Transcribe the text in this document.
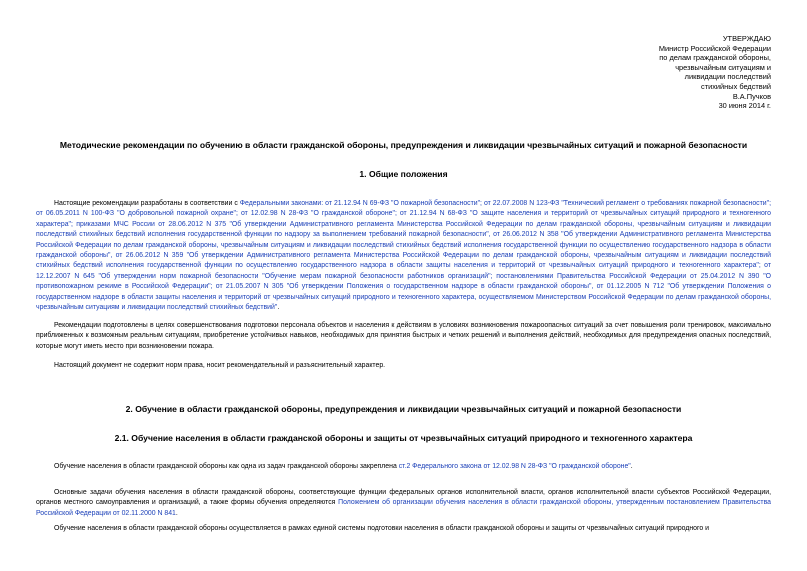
УТВЕРЖДАЮ
Министр Российской Федерации
по делам гражданской обороны,
чрезвычайным ситуациям и
ликвидации последствий
стихийных бедствий
В.А.Пучков
30 июня 2014 г.
Методические рекомендации по обучению в области гражданской обороны, предупреждения и ликвидации чрезвычайных ситуаций и пожарной безопасности
1. Общие положения
Настоящие рекомендации разработаны в соответствии с Федеральными законами: от 21.12.94 N 69-ФЗ "О пожарной безопасности"; от 22.07.2008 N 123-ФЗ "Технический регламент о требованиях пожарной безопасности"; от 06.05.2011 N 100-ФЗ "О добровольной пожарной охране"; от 12.02.98 N 28-ФЗ "О гражданской обороне"; от 21.12.94 N 68-ФЗ "О защите населения и территорий от чрезвычайных ситуаций природного и техногенного характера"; приказами МЧС России от 28.06.2012 N 375 "Об утверждении Административного регламента Министерства Российской Федерации по делам гражданской обороны, чрезвычайным ситуациям и ликвидации последствий стихийных бедствий исполнения государственной функции по надзору за выполнением требований пожарной безопасности", от 26.06.2012 N 358 "Об утверждении Административного регламента Министерства Российской Федерации по делам гражданской обороны, чрезвычайным ситуациям и ликвидации последствий стихийных бедствий исполнения государственной функции по осуществлению государственного надзора в области гражданской обороны", от 26.06.2012 N 359 "Об утверждении Административного регламента Министерства Российской Федерации по делам гражданской обороны, чрезвычайным ситуациям и ликвидации последствий стихийных бедствий исполнения государственной функции по осуществлению государственного надзора в области защиты населения и территорий от чрезвычайных ситуаций природного и техногенного характера"; от 12.12.2007 N 645 "Об утверждении норм пожарной безопасности "Обучение мерам пожарной безопасности работников организаций"; постановлениями Правительства Российской Федерации от 25.04.2012 N 390 "О противопожарном режиме в Российской Федерации"; от 21.05.2007 N 305 "Об утверждении Положения о государственном надзоре в области гражданской обороны", от 01.12.2005 N 712 "Об утверждении Положения о государственном надзоре в области защиты населения и территорий от чрезвычайных ситуаций природного и техногенного характера, осуществляемом Министерством Российской Федерации по делам гражданской обороны, чрезвычайным ситуациям и ликвидации последствий стихийных бедствий".
Рекомендации подготовлены в целях совершенствования подготовки персонала объектов и населения к действиям в условиях возникновения пожароопасных ситуаций за счет повышения роли тренировок, максимально приближенных к возможным реальным ситуациям, приобретение устойчивых навыков, необходимых для принятия быстрых и четких решений и выполнения действий, необходимых для предупреждения опасных последствий, которые могут иметь место при возникновении пожара.
Настоящий документ не содержит норм права, носит рекомендательный и разъяснительный характер.
2. Обучение в области гражданской обороны, предупреждения и ликвидации чрезвычайных ситуаций и пожарной безопасности
2.1. Обучение населения в области гражданской обороны и защиты от чрезвычайных ситуаций природного и техногенного характера
Обучение населения в области гражданской обороны как одна из задач гражданской обороны закреплена ст.2 Федерального закона от 12.02.98 N 28-ФЗ "О гражданской обороне".
Основные задачи обучения населения в области гражданской обороны, соответствующие функции федеральных органов исполнительной власти, органов исполнительной власти субъектов Российской Федерации, органов местного самоуправления и организаций, а также формы обучения определяются Положением об организации обучения населения в области гражданской обороны, утвержденным постановлением Правительства Российской Федерации от 02.11.2000 N 841.
Обучение населения в области гражданской обороны осуществляется в рамках единой системы подготовки населения в области гражданской обороны и защиты от чрезвычайных ситуаций природного и
